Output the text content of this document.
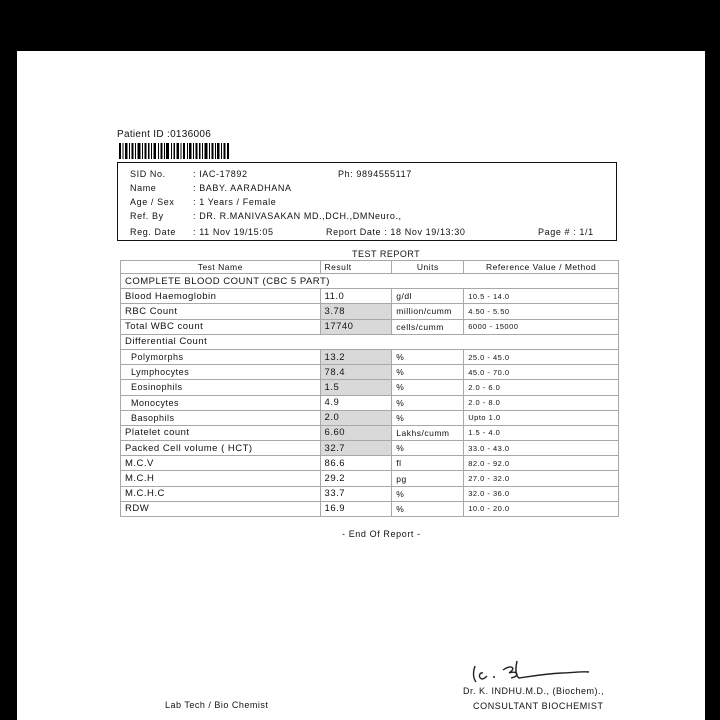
Patient ID :0136006
SID No.	: IAC-17892	Ph: 9894555117
Name	: BABY. AARADHANA
Age / Sex : 1 Years / Female
Ref. By	: DR. R.MANIVASAKAN MD.,DCH.,DMNeuro.,
Reg. Date : 11 Nov 19/15:05	Report Date : 18 Nov 19/13:30	Page # : 1/1
TEST REPORT
Test Name	Result	Units	Reference Value / Method
COMPLETE BLOOD COUNT (CBC 5 PART)			
Blood Haemoglobin	11.0	g/dl	10.5 - 14.0
RBC Count	3.78	million/cumm	4.50 - 5.50
Total WBC count	17740	cells/cumm	6000 - 15000
Differential Count			
Polymorphs	13.2	%	25.0 - 45.0
Lymphocytes	78.4	%	45.0 - 70.0
Eosinophils	1.5	%	2.0 - 6.0
Monocytes	4.9	%	2.0 - 8.0
Basophils	2.0	%	Upto 1.0
Platelet count	6.60	Lakhs/cumm	1.5 - 4.0
Packed Cell volume ( HCT)	32.7	%	33.0 - 43.0
M.C.V	86.6	fl	82.0 - 92.0
M.C.H	29.2	pg	27.0 - 32.0
M.C.H.C	33.7	%	32.0 - 36.0
RDW	16.9	%	10.0 - 20.0
- End Of Report -
Dr. K. INDHU.M.D., (Biochem).,
CONSULTANT BIOCHEMIST
Lab Tech / Bio Chemist
